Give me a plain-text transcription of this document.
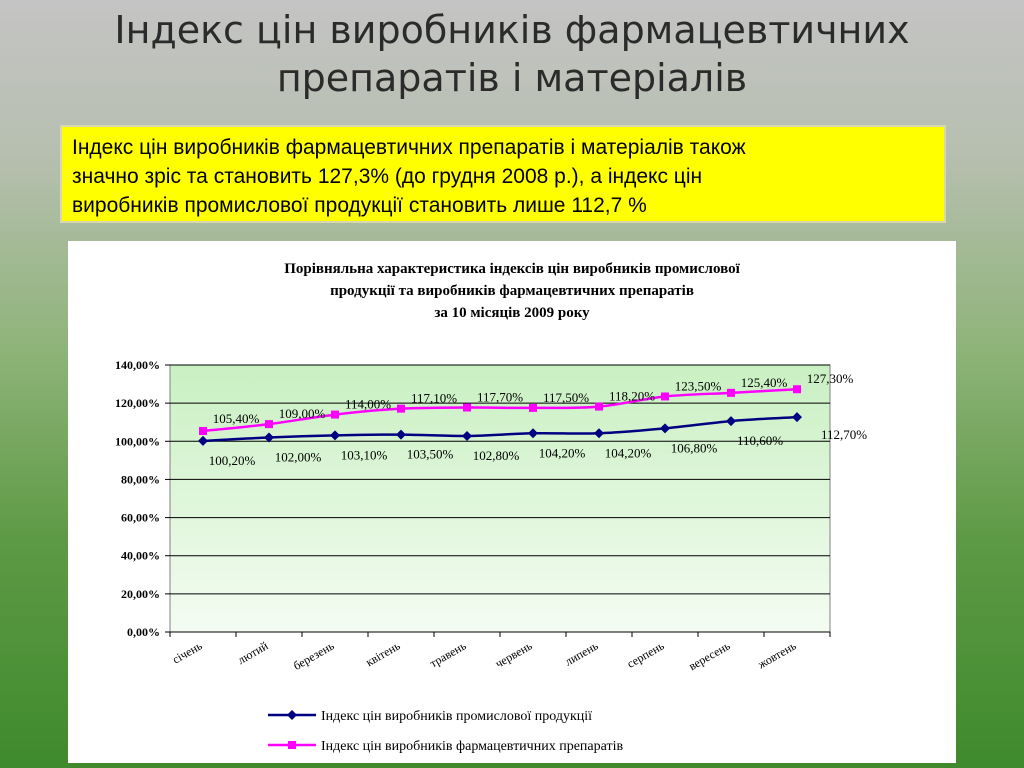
Індекс цін виробників фармацевтичних
препаратів і матеріалів
Індекс цін виробників фармацевтичних препаратів і матеріалів також
значно зріс та становить 127,3% (до грудня 2008 р.), а індекс цін
виробників промислової продукції становить лише 112,7 %
Порівняльна характеристика індексів цін виробників промислової
продукції та виробників фармацевтичних препаратів
за 10 місяців 2009 року
0,00%
20,00%
40,00%
60,00%
80,00%
100,00%
120,00%
140,00%
січень	лютий березень квітень травень червень липень серпень вересень жовтень
100,20% 102,00% 103,10% 103,50% 102,80% 104,20% 104,20% 106,80% 110,60%	112,70%
105,40% 109,00%
114,00% 117,10% 117,70% 117,50% 118,20%
123,50% 125,40% 127,30%
Індекс цін виробників промислової продукції
Індекс цін виробників фармацевтичних препаратів
